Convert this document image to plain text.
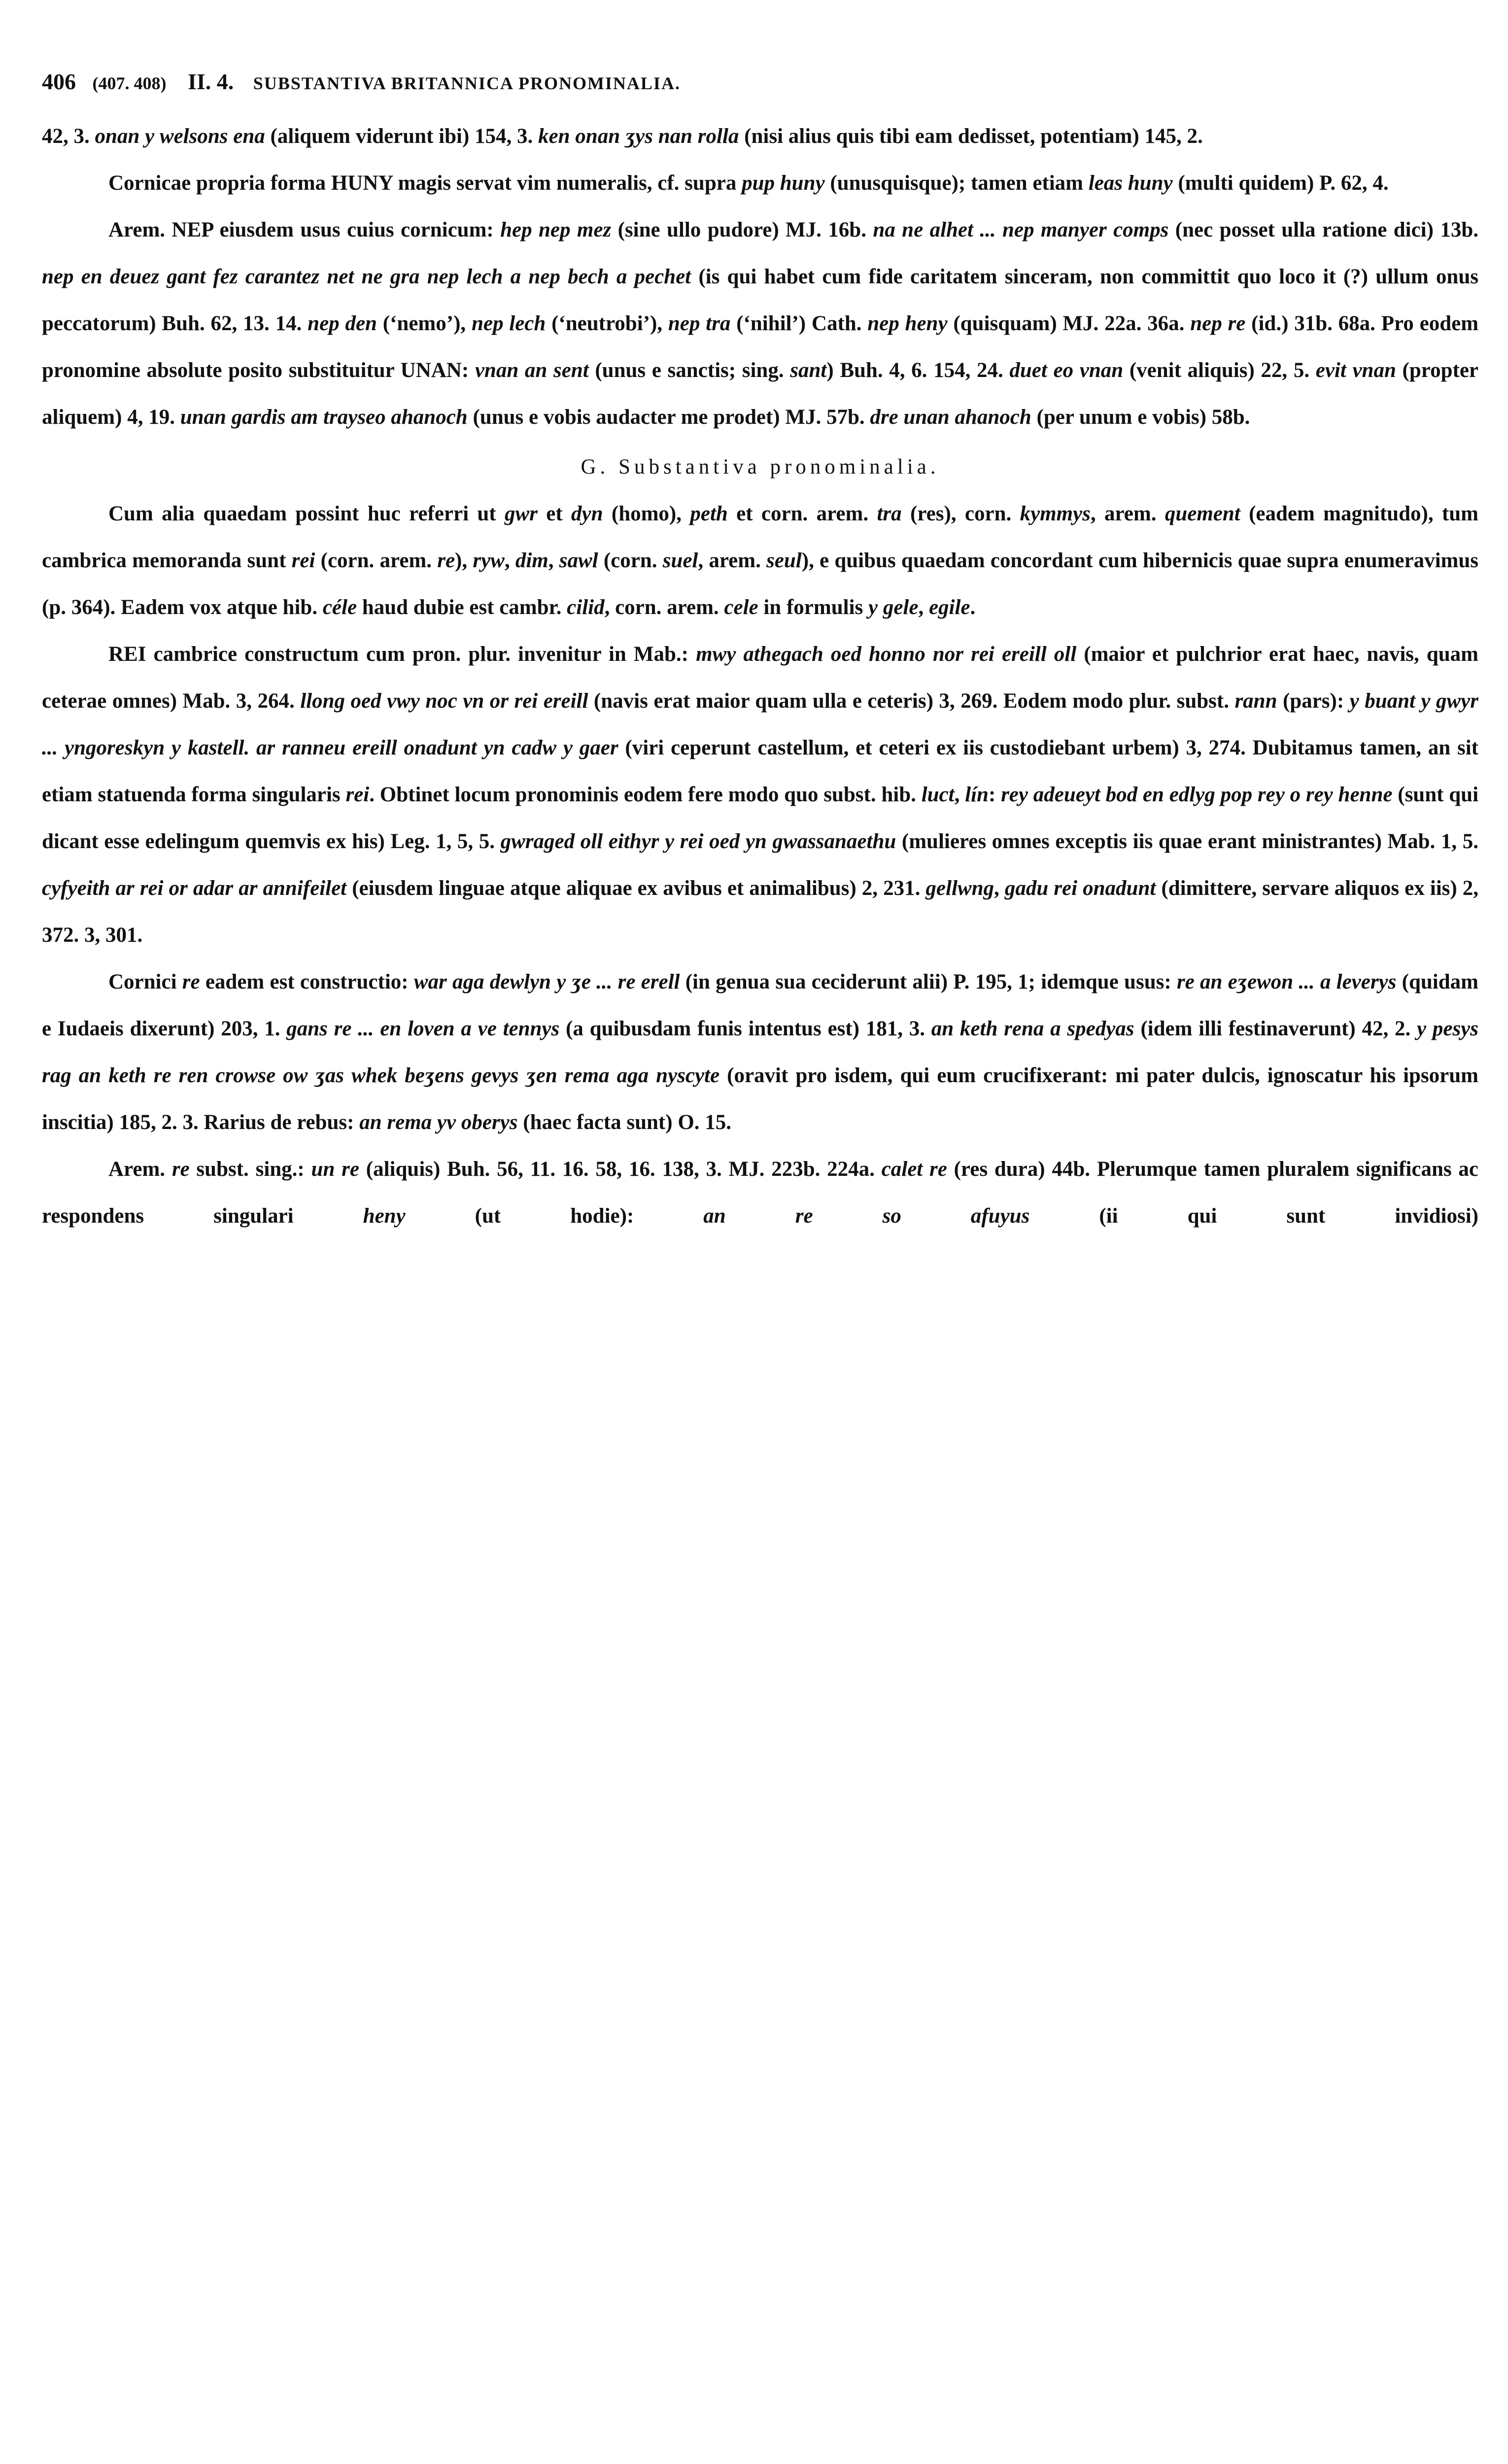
406 (407. 408) II. 4. SUBSTANTIVA BRITANNICA PRONOMINALIA.

42, 3. onan y welsons ena (aliquem viderunt ibi) 154, 3. ken onan ʒys nan rolla (nisi alius quis tibi eam dedisset, potentiam) 145, 2.

Cornicae propria forma HUNY magis servat vim numeralis, cf. supra pup huny (unusquisque); tamen etiam leas huny (multi quidem) P. 62, 4.

Arem. NEP eiusdem usus cuius cornicum: hep nep mez (sine ullo pudore) MJ. 16b. na ne alhet ... nep manyer comps (nec posset ulla ratione dici) 13b. nep en deuez gant fez carantez net ne gra nep lech a nep bech a pechet (is qui habet cum fide caritatem sinceram, non committit quo loco it (?) ullum onus peccatorum) Buh. 62, 13. 14. nep den (‘nemo’), nep lech (‘neutrobi’), nep tra (‘nihil’) Cath. nep heny (quisquam) MJ. 22a. 36a. nep re (id.) 31b. 68a. Pro eodem pronomine absolute posito substituitur UNAN: vnan an sent (unus e sanctis; sing. sant) Buh. 4, 6. 154, 24. duet eo vnan (venit aliquis) 22, 5. evit vnan (propter aliquem) 4, 19. unan gardis am trayseo ahanoch (unus e vobis audacter me prodet) MJ. 57b. dre unan ahanoch (per unum e vobis) 58b.

G. Substantiva pronominalia.

Cum alia quaedam possint huc referri ut gwr et dyn (homo), peth et corn. arem. tra (res), corn. kymmys, arem. quement (eadem magnitudo), tum cambrica memoranda sunt rei (corn. arem. re), ryw, dim, sawl (corn. suel, arem. seul), e quibus quaedam concordant cum hibernicis quae supra enumeravimus (p. 364). Eadem vox atque hib. céle haud dubie est cambr. cilid, corn. arem. cele in formulis y gele, egile.

REI cambrice constructum cum pron. plur. invenitur in Mab.: mwy athegach oed honno nor rei ereill oll (maior et pulchrior erat haec, navis, quam ceterae omnes) Mab. 3, 264. llong oed vwy noc vn or rei ereill (navis erat maior quam ulla e ceteris) 3, 269. Eodem modo plur. subst. rann (pars): y buant y gwyr ... yngoreskyn y kastell. ar ranneu ereill onadunt yn cadw y gaer (viri ceperunt castellum, et ceteri ex iis custodiebant urbem) 3, 274. Dubitamus tamen, an sit etiam statuenda forma singularis rei. Obtinet locum pronominis eodem fere modo quo subst. hib. luct, lín: rey adeueyt bod en edlyg pop rey o rey henne (sunt qui dicant esse edelingum quemvis ex his) Leg. 1, 5, 5. gwraged oll eithyr y rei oed yn gwassanaethu (mulieres omnes exceptis iis quae erant ministrantes) Mab. 1, 5. cyfyeith ar rei or adar ar annifeilet (eiusdem linguae atque aliquae ex avibus et animalibus) 2, 231. gellwng, gadu rei onadunt (dimittere, servare aliquos ex iis) 2, 372. 3, 301.

Cornici re eadem est constructio: war aga dewlyn y ʒe ... re erell (in genua sua ceciderunt alii) P. 195, 1; idemque usus: re an eʒewon ... a leverys (quidam e Iudaeis dixerunt) 203, 1. gans re ... en loven a ve tennys (a quibusdam funis intentus est) 181, 3. an keth rena a spedyas (idem illi festinaverunt) 42, 2. y pesys rag an keth re ren crowse ow ʒas whek beʒens gevys ʒen rema aga nyscyte (oravit pro isdem, qui eum crucifixerant: mi pater dulcis, ignoscatur his ipsorum inscitia) 185, 2. 3. Rarius de rebus: an rema yv oberys (haec facta sunt) O. 15.

Arem. re subst. sing.: un re (aliquis) Buh. 56, 11. 16. 58, 16. 138, 3. MJ. 223b. 224a. calet re (res dura) 44b. Plerumque tamen pluralem significans ac respondens singulari heny (ut hodie): an re so afuyus (ii qui sunt invidiosi)
